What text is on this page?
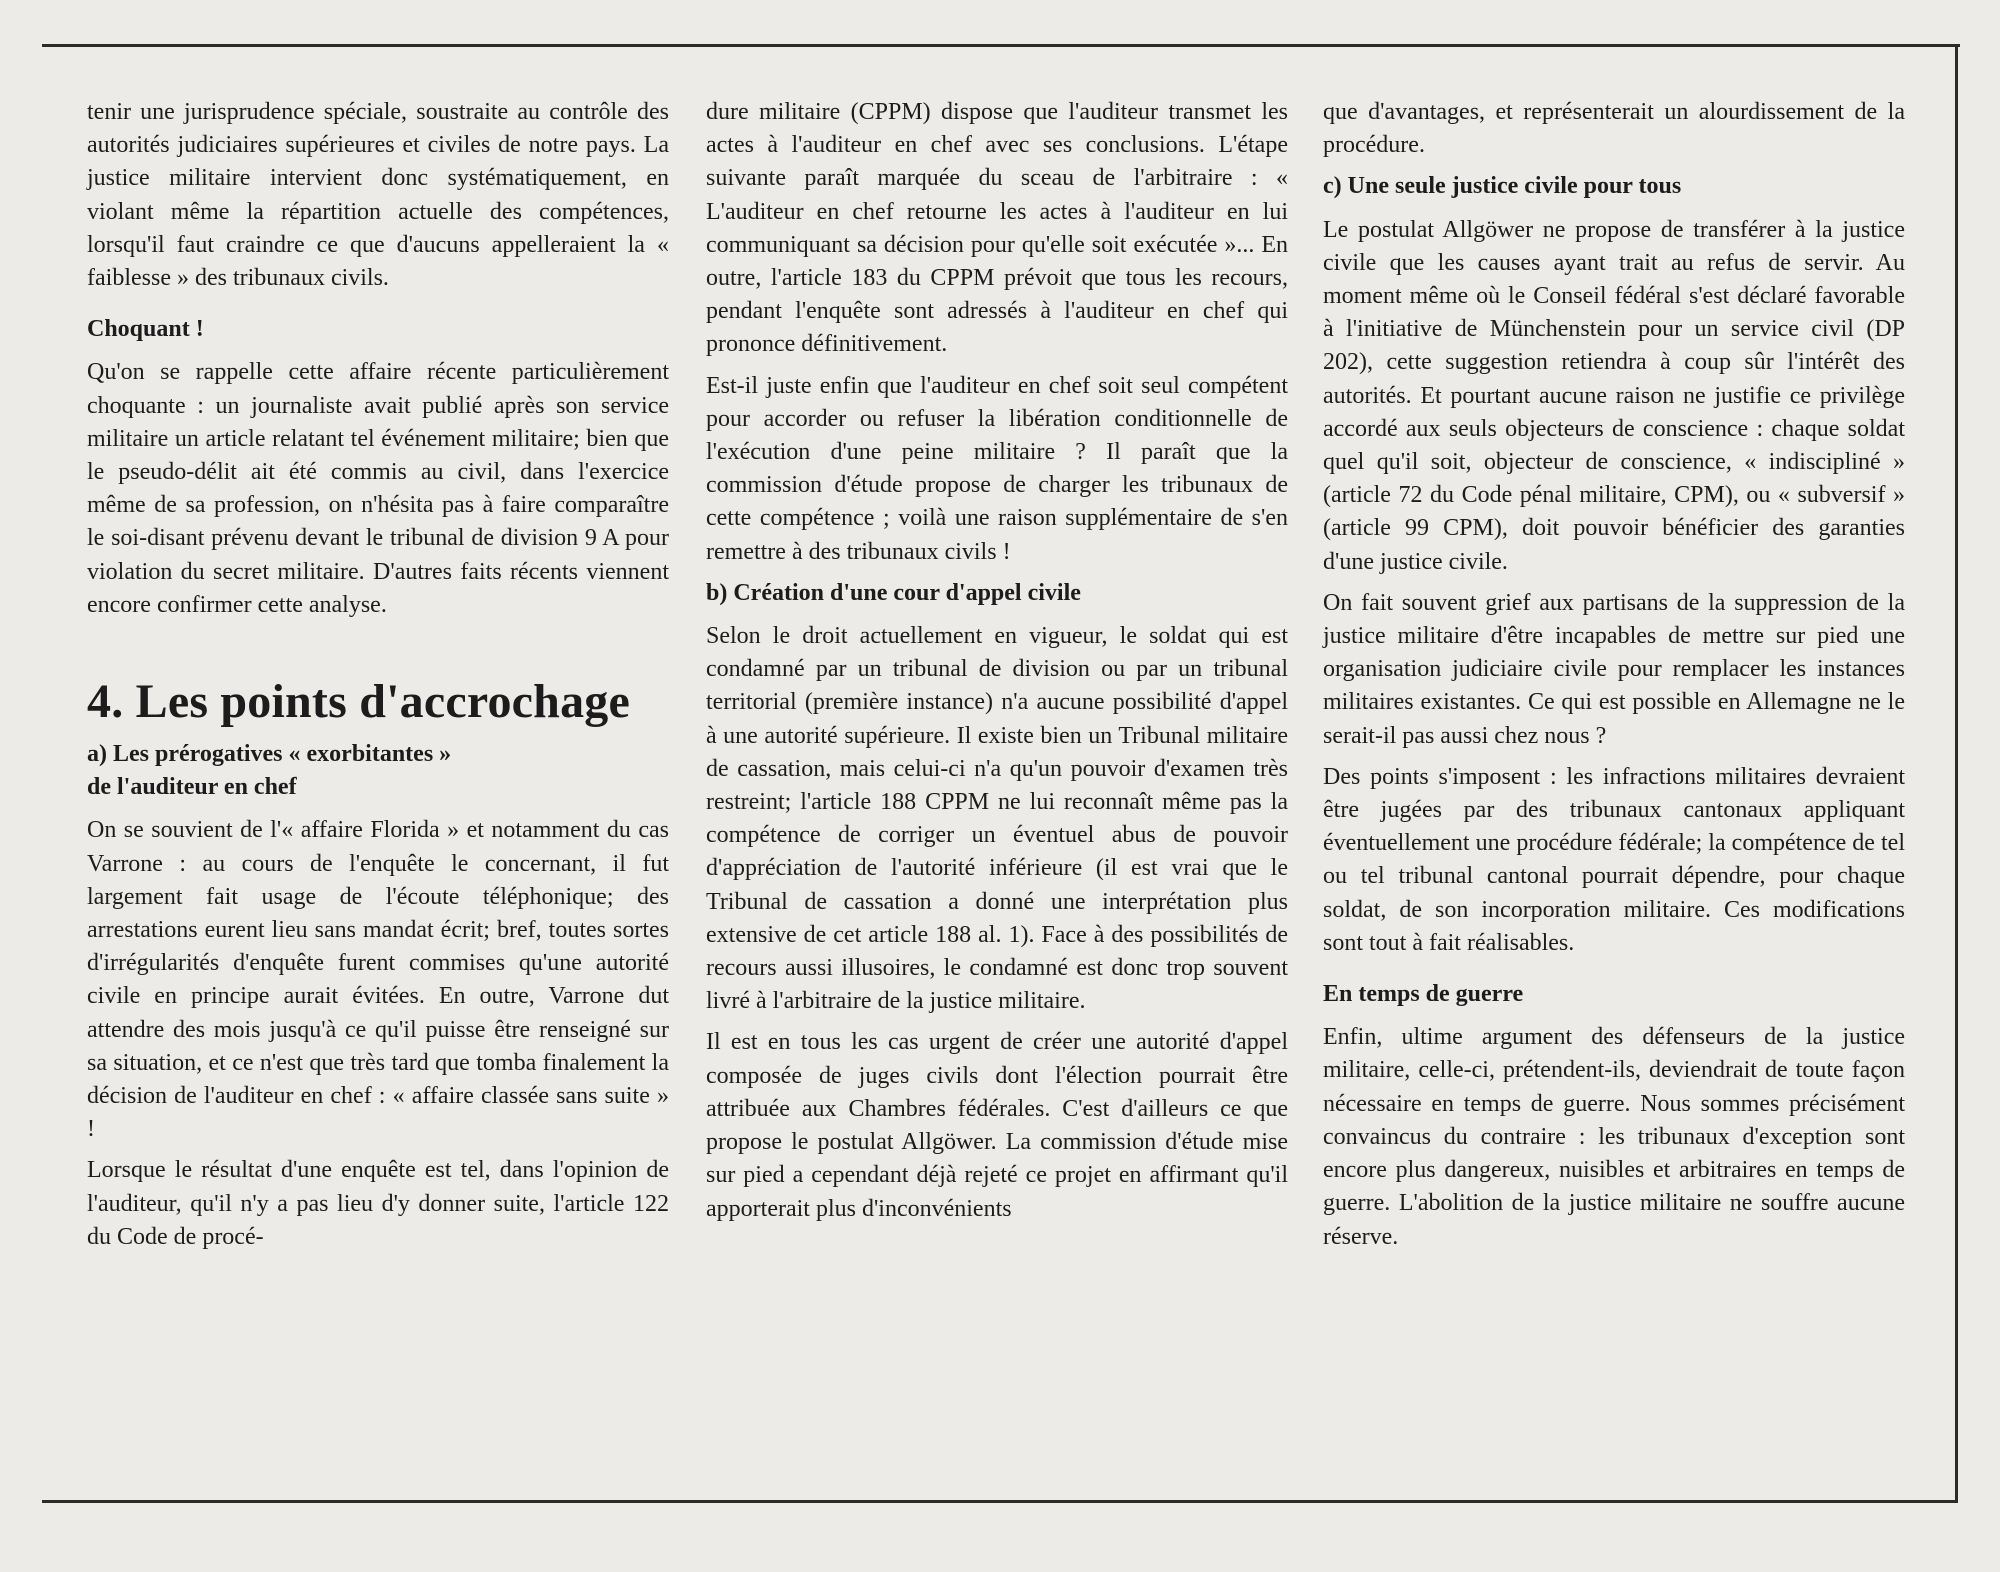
tenir une jurisprudence spéciale, soustraite au contrôle des autorités judiciaires supérieures et civiles de notre pays. La justice militaire intervient donc systématiquement, en violant même la répartition actuelle des compétences, lorsqu'il faut craindre ce que d'aucuns appelleraient la « faiblesse » des tribunaux civils.

Choquant !

Qu'on se rappelle cette affaire récente particulièrement choquante : un journaliste avait publié après son service militaire un article relatant tel événement militaire; bien que le pseudo-délit ait été commis au civil, dans l'exercice même de sa profession, on n'hésita pas à faire comparaître le soi-disant prévenu devant le tribunal de division 9 A pour violation du secret militaire. D'autres faits récents viennent encore confirmer cette analyse.

4. Les points d'accrochage
a) Les prérogatives « exorbitantes »
de l'auditeur en chef

On se souvient de l'« affaire Florida » et notamment du cas Varrone : au cours de l'enquête le concernant, il fut largement fait usage de l'écoute téléphonique; des arrestations eurent lieu sans mandat écrit; bref, toutes sortes d'irrégularités d'enquête furent commises qu'une autorité civile en principe aurait évitées. En outre, Varrone dut attendre des mois jusqu'à ce qu'il puisse être renseigné sur sa situation, et ce n'est que très tard que tomba finalement la décision de l'auditeur en chef : « affaire classée sans suite » !

Lorsque le résultat d'une enquête est tel, dans l'opinion de l'auditeur, qu'il n'y a pas lieu d'y donner suite, l'article 122 du Code de procé-

dure militaire (CPPM) dispose que l'auditeur transmet les actes à l'auditeur en chef avec ses conclusions. L'étape suivante paraît marquée du sceau de l'arbitraire : « L'auditeur en chef retourne les actes à l'auditeur en lui communiquant sa décision pour qu'elle soit exécutée »... En outre, l'article 183 du CPPM prévoit que tous les recours, pendant l'enquête sont adressés à l'auditeur en chef qui prononce définitivement.

Est-il juste enfin que l'auditeur en chef soit seul compétent pour accorder ou refuser la libération conditionnelle de l'exécution d'une peine militaire ? Il paraît que la commission d'étude propose de charger les tribunaux de cette compétence ; voilà une raison supplémentaire de s'en remettre à des tribunaux civils !

b) Création d'une cour d'appel civile

Selon le droit actuellement en vigueur, le soldat qui est condamné par un tribunal de division ou par un tribunal territorial (première instance) n'a aucune possibilité d'appel à une autorité supérieure. Il existe bien un Tribunal militaire de cassation, mais celui-ci n'a qu'un pouvoir d'examen très restreint; l'article 188 CPPM ne lui reconnaît même pas la compétence de corriger un éventuel abus de pouvoir d'appréciation de l'autorité inférieure (il est vrai que le Tribunal de cassation a donné une interprétation plus extensive de cet article 188 al. 1). Face à des possibilités de recours aussi illusoires, le condamné est donc trop souvent livré à l'arbitraire de la justice militaire.

Il est en tous les cas urgent de créer une autorité d'appel composée de juges civils dont l'élection pourrait être attribuée aux Chambres fédérales. C'est d'ailleurs ce que propose le postulat Allgöwer. La commission d'étude mise sur pied a cependant déjà rejeté ce projet en affirmant qu'il apporterait plus d'inconvénients

que d'avantages, et représenterait un alourdissement de la procédure.

c) Une seule justice civile pour tous

Le postulat Allgöwer ne propose de transférer à la justice civile que les causes ayant trait au refus de servir. Au moment même où le Conseil fédéral s'est déclaré favorable à l'initiative de Münchenstein pour un service civil (DP 202), cette suggestion retiendra à coup sûr l'intérêt des autorités. Et pourtant aucune raison ne justifie ce privilège accordé aux seuls objecteurs de conscience : chaque soldat quel qu'il soit, objecteur de conscience, « indiscipliné » (article 72 du Code pénal militaire, CPM), ou « subversif » (article 99 CPM), doit pouvoir bénéficier des garanties d'une justice civile.

On fait souvent grief aux partisans de la suppression de la justice militaire d'être incapables de mettre sur pied une organisation judiciaire civile pour remplacer les instances militaires existantes. Ce qui est possible en Allemagne ne le serait-il pas aussi chez nous ?

Des points s'imposent : les infractions militaires devraient être jugées par des tribunaux cantonaux appliquant éventuellement une procédure fédérale; la compétence de tel ou tel tribunal cantonal pourrait dépendre, pour chaque soldat, de son incorporation militaire. Ces modifications sont tout à fait réalisables.

En temps de guerre

Enfin, ultime argument des défenseurs de la justice militaire, celle-ci, prétendent-ils, deviendrait de toute façon nécessaire en temps de guerre. Nous sommes précisément convaincus du contraire : les tribunaux d'exception sont encore plus dangereux, nuisibles et arbitraires en temps de guerre. L'abolition de la justice militaire ne souffre aucune réserve.
